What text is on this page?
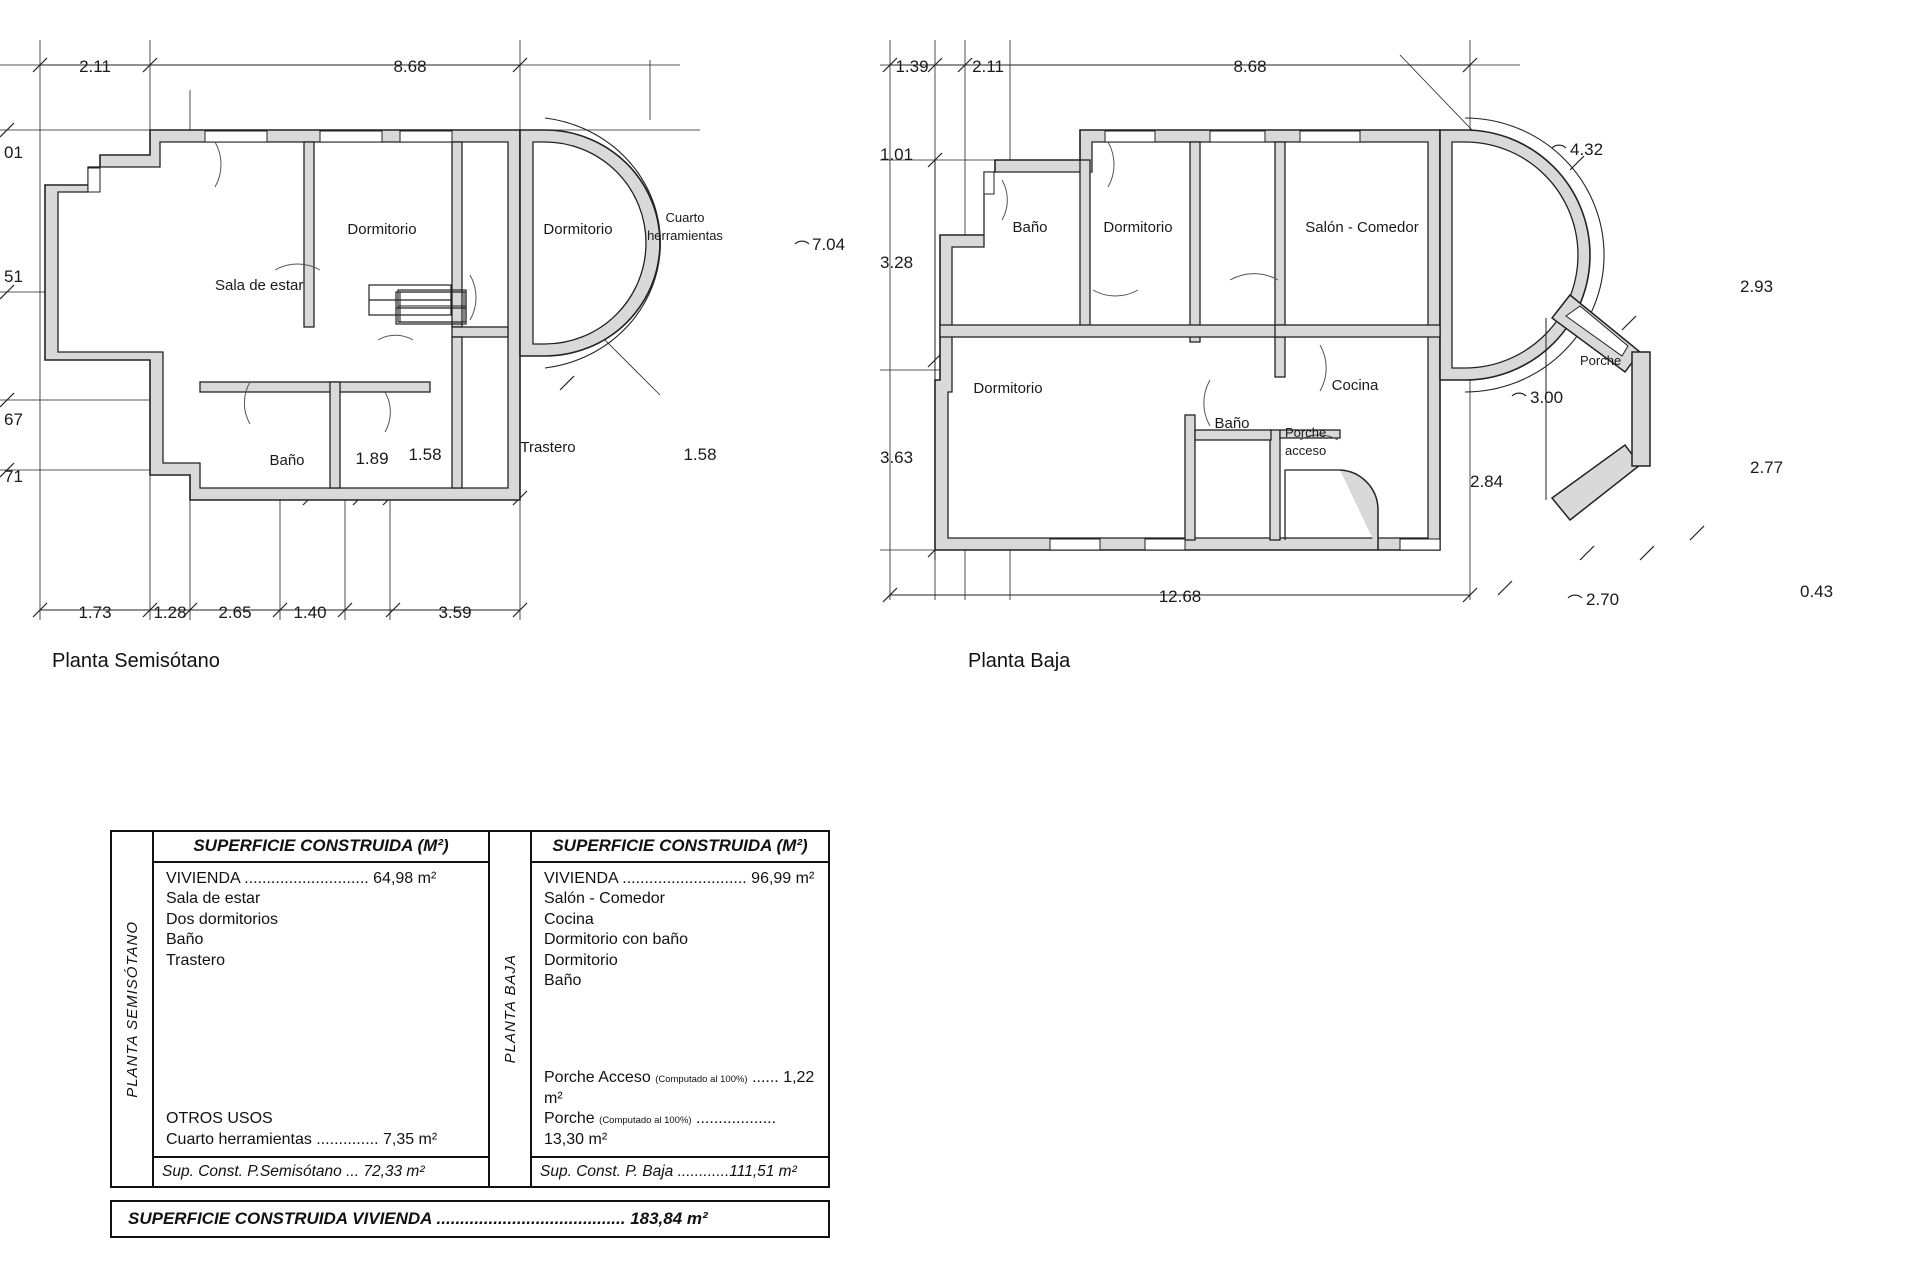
Sala de estar
Dormitorio	Dormitorio
Cuarto
herramientas
Baño
Trastero
2.11	8.68
01
51
67
71
1.73 1.28 2.65 1.40	3.59
1.89 1.58	1.58
7.04
Planta Semisótano
Baño	Dormitorio	Salón - Comedor
Dormitorio
Baño
Cocina
Porche
acceso
Porche
1.39	2.11	8.68
1.01
3.28
3.63
12.68
2.93
2.77
0.43
4.32
3.00
2.84
2.70
Planta Baja
PLANTA SEMISÓTANO
SUPERFICIE CONSTRUIDA (M²)
VIVIENDA ............................ 64,98 m²
Sala de estar
Dos dormitorios
Baño
Trastero
OTROS USOS
Cuarto herramientas .............. 7,35 m²
Sup. Const. P.Semisótano ... 72,33 m²
PLANTA BAJA
SUPERFICIE CONSTRUIDA (M²)
VIVIENDA ............................ 96,99 m²
Salón - Comedor
Cocina
Dormitorio con baño
Dormitorio
Baño
Porche Acceso (Computado al 100%) ...... 1,22 m²
Porche (Computado al 100%) .................. 13,30 m²
Sup. Const. P. Baja ............111,51 m²
SUPERFICIE CONSTRUIDA VIVIENDA ........................................ 183,84 m²
